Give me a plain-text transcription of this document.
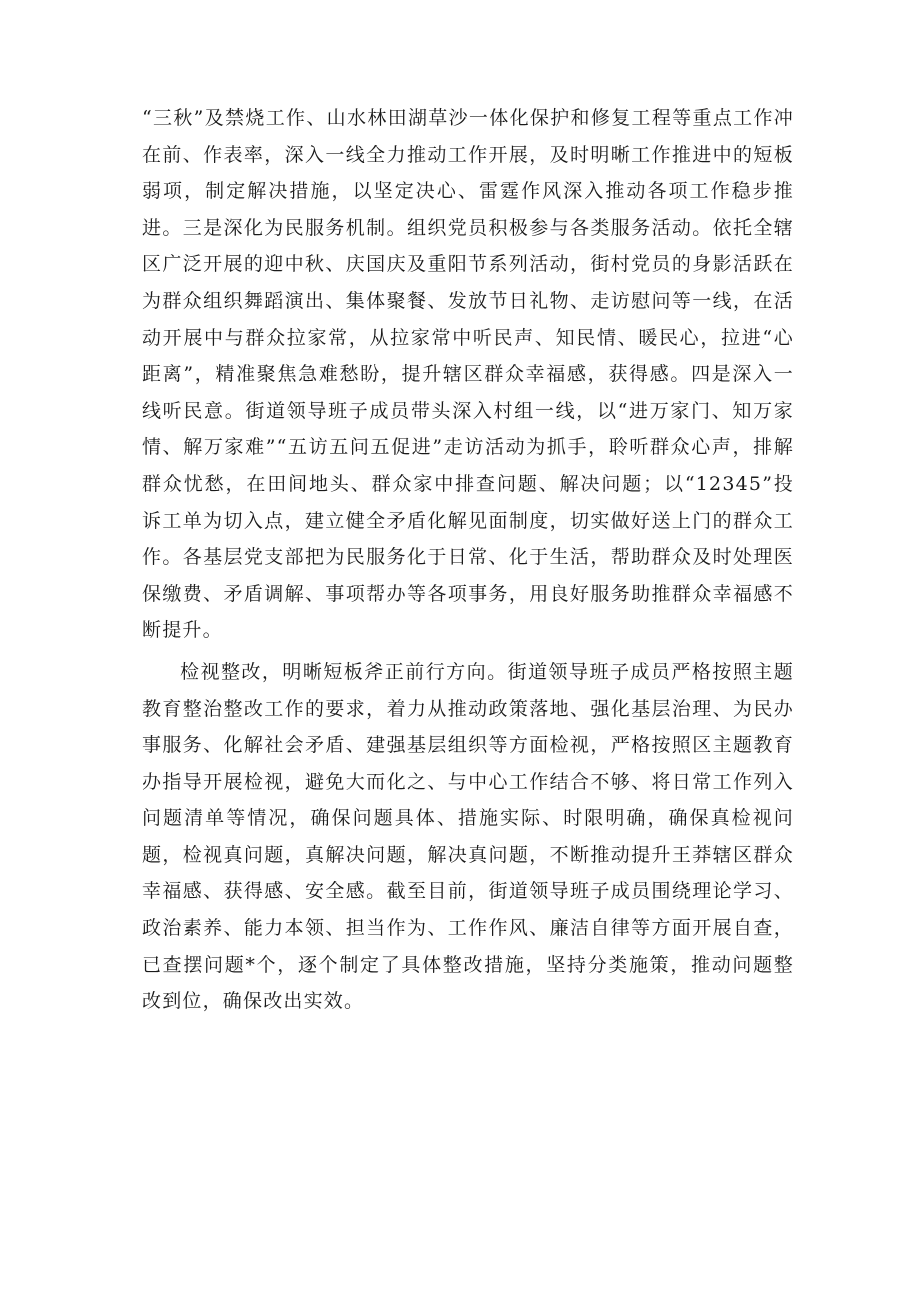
“三秋”及禁烧工作、山水林田湖草沙一体化保护和修复工程等重点工作冲在前、作表率，深入一线全力推动工作开展，及时明晰工作推进中的短板弱项，制定解决措施，以坚定决心、雷霆作风深入推动各项工作稳步推进。三是深化为民服务机制。组织党员积极参与各类服务活动。依托全辖区广泛开展的迎中秋、庆国庆及重阳节系列活动，街村党员的身影活跃在为群众组织舞蹈演出、集体聚餐、发放节日礼物、走访慰问等一线，在活动开展中与群众拉家常，从拉家常中听民声、知民情、暖民心，拉进“心距离”，精准聚焦急难愁盼，提升辖区群众幸福感，获得感。四是深入一线听民意。街道领导班子成员带头深入村组一线，以“进万家门、知万家情、解万家难”“五访五问五促进”走访活动为抓手，聆听群众心声，排解群众忧愁，在田间地头、群众家中排查问题、解决问题；以“12345”投诉工单为切入点，建立健全矛盾化解见面制度，切实做好送上门的群众工作。各基层党支部把为民服务化于日常、化于生活，帮助群众及时处理医保缴费、矛盾调解、事项帮办等各项事务，用良好服务助推群众幸福感不断提升。

检视整改，明晰短板斧正前行方向。街道领导班子成员严格按照主题教育整治整改工作的要求，着力从推动政策落地、强化基层治理、为民办事服务、化解社会矛盾、建强基层组织等方面检视，严格按照区主题教育办指导开展检视，避免大而化之、与中心工作结合不够、将日常工作列入问题清单等情况，确保问题具体、措施实际、时限明确，确保真检视问题，检视真问题，真解决问题，解决真问题，不断推动提升王莽辖区群众幸福感、获得感、安全感。截至目前，街道领导班子成员围绕理论学习、政治素养、能力本领、担当作为、工作作风、廉洁自律等方面开展自查，已查摆问题*个，逐个制定了具体整改措施，坚持分类施策，推动问题整改到位，确保改出实效。
